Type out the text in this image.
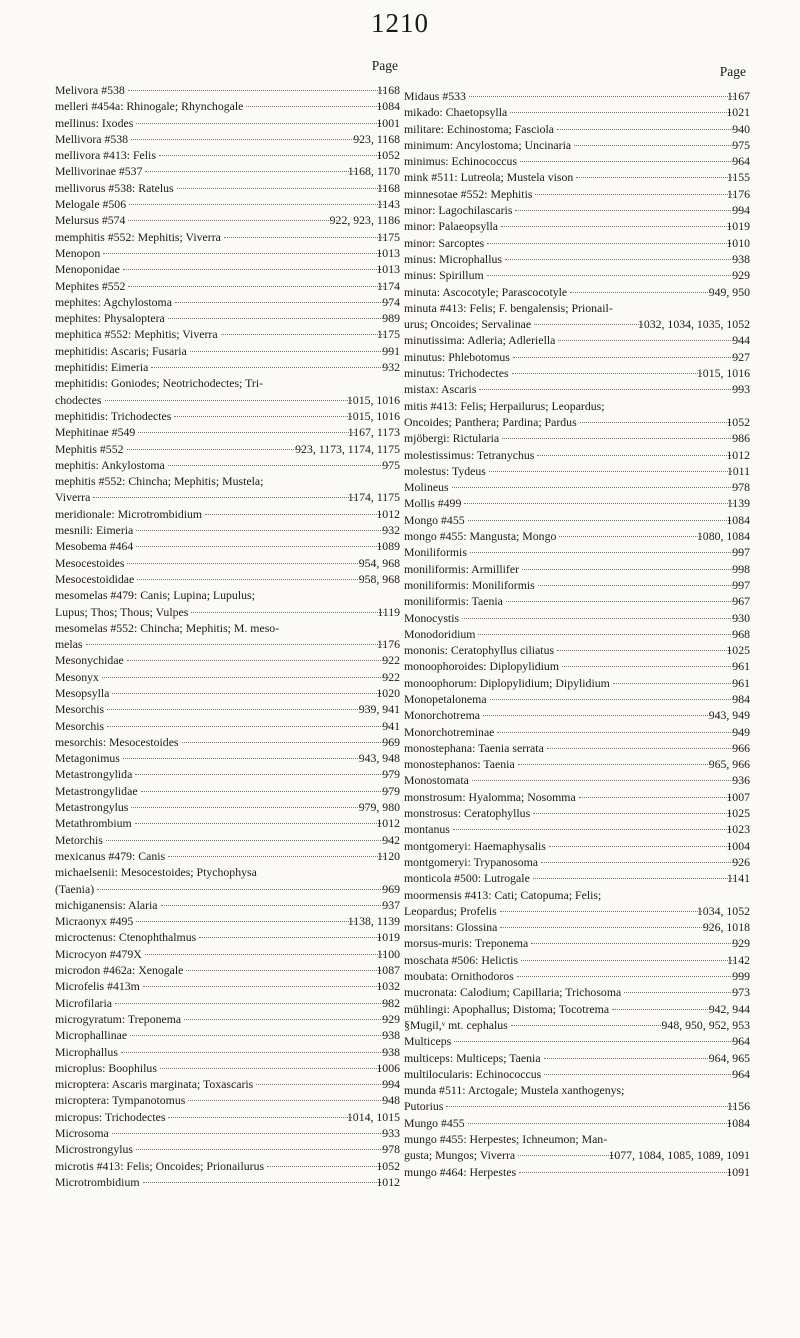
1210
Page
Melivora #538	1168
melleri #454a: Rhinogale; Rhynchogale	1084
mellinus: Ixodes	1001
Mellivora #538	923, 1168
mellivora #413: Felis	1052
Mellivorinae #537	1168, 1170
mellivorus #538: Ratelus	1168
Melogale #506	1143
Melursus #574	922, 923, 1186
memphitis #552: Mephitis; Viverra	1175
Menopon	1013
Menoponidae	1013
Mephites #552	1174
mephites: Agchylostoma	974
mephites: Physaloptera	989
mephitica #552: Mephitis; Viverra	1175
mephitidis: Ascaris; Fusaria	991
mephitidis: Eimeria	932
mephitidis: Goniodes; Neotrichodectes; Tri-
chodectes	1015, 1016
mephitidis: Trichodectes	1015, 1016
Mephitinae #549	1167, 1173
Mephitis #552	923, 1173, 1174, 1175
mephitis: Ankylostoma	975
mephitis #552: Chincha; Mephitis; Mustela;
Viverra	1174, 1175
meridionale: Microtrombidium	1012
mesnili: Eimeria	932
Mesobema #464	1089
Mesocestoides	954, 968
Mesocestoididae	958, 968
mesomelas #479: Canis; Lupina; Lupulus;
Lupus; Thos; Thous; Vulpes	1119
mesomelas #552: Chincha; Mephitis; M. meso-
melas	1176
Mesonychidae	922
Mesonyx	922
Mesopsylla	1020
Mesorchis	939, 941
Mesorchis	941
mesorchis: Mesocestoides	969
Metagonimus	943, 948
Metastrongylida	979
Metastrongylidae	979
Metastrongylus	979, 980
Metathrombium	1012
Metorchis	942
mexicanus #479: Canis	1120
michaelsenii: Mesocestoides; Ptychophysa
(Taenia)	969
michiganensis: Alaria	937
Micraonyx #495	1138, 1139
microctenus: Ctenophthalmus	1019
Microcyon #479X	1100
microdon #462a: Xenogale	1087
Microfelis #413m	1032
Microfilaria	982
microgyratum: Treponema	929
Microphallinae	938
Microphallus	938
microplus: Boophilus	1006
microptera: Ascaris marginata; Toxascaris	994
microptera: Tympanotomus	948
micropus: Trichodectes	1014, 1015
Microsoma	933
Microstrongylus	978
microtis #413: Felis; Oncoides; Prionailurus	1052
Microtrombidium	1012
Page
Midaus #533	1167
mikado: Chaetopsylla	1021
militare: Echinostoma; Fasciola	940
minimum: Ancylostoma; Uncinaria	975
minimus: Echinococcus	964
mink #511: Lutreola; Mustela vison	1155
minnesotae #552: Mephitis	1176
minor: Lagochilascaris	994
minor: Palaeopsylla	1019
minor: Sarcoptes	1010
minus: Microphallus	938
minus: Spirillum	929
minuta: Ascocotyle; Parascocotyle	949, 950
minuta #413: Felis; F. bengalensis; Prionail-
urus; Oncoides; Servalinae	1032, 1034, 1035, 1052
minutissima: Adleria; Adleriella	944
minutus: Phlebotomus	927
minutus: Trichodectes	1015, 1016
mistax: Ascaris	993
mitis #413: Felis; Herpailurus; Leopardus;
Oncoides; Panthera; Pardina; Pardus	1052
mjöbergi: Rictularia	986
molestissimus: Tetranychus	1012
molestus: Tydeus	1011
Molineus	978
Mollis #499	1139
Mongo #455	1084
mongo #455: Mangusta; Mongo	1080, 1084
Moniliformis	997
moniliformis: Armillifer	998
moniliformis: Moniliformis	997
moniliformis: Taenia	967
Monocystis	930
Monodoridium	968
mononis: Ceratophyllus ciliatus	1025
monoophoroides: Diplopylidium	961
monoophorum: Diplopylidium; Dipylidium	961
Monopetalonema	984
Monorchotrema	943, 949
Monorchotreminae	949
monostephana: Taenia serrata	966
monostephanos: Taenia	965, 966
Monostomata	936
monstrosum: Hyalomma; Nosomma	1007
monstrosus: Ceratophyllus	1025
montanus	1023
montgomeryi: Haemaphysalis	1004
montgomeryi: Trypanosoma	926
monticola #500: Lutrogale	1141
moormensis #413: Cati; Catopuma; Felis;
Leopardus; Profelis	1034, 1052
morsitans: Glossina	926, 1018
morsus-muris: Treponema	929
moschata #506: Helictis	1142
moubata: Ornithodoros	999
mucronata: Calodium; Capillaria; Trichosoma	973
mühlingi: Apophallus; Distoma; Tocotrema	942, 944
§Mugil,ᵛ mt. cephalus	948, 950, 952, 953
Multiceps	964
multiceps: Multiceps; Taenia	964, 965
multilocularis: Echinococcus	964
munda #511: Arctogale; Mustela xanthogenys;
Putorius	1156
Mungo #455	1084
mungo #455: Herpestes; Ichneumon; Man-
gusta; Mungos; Viverra	1077, 1084, 1085, 1089, 1091
mungo #464: Herpestes	1091
